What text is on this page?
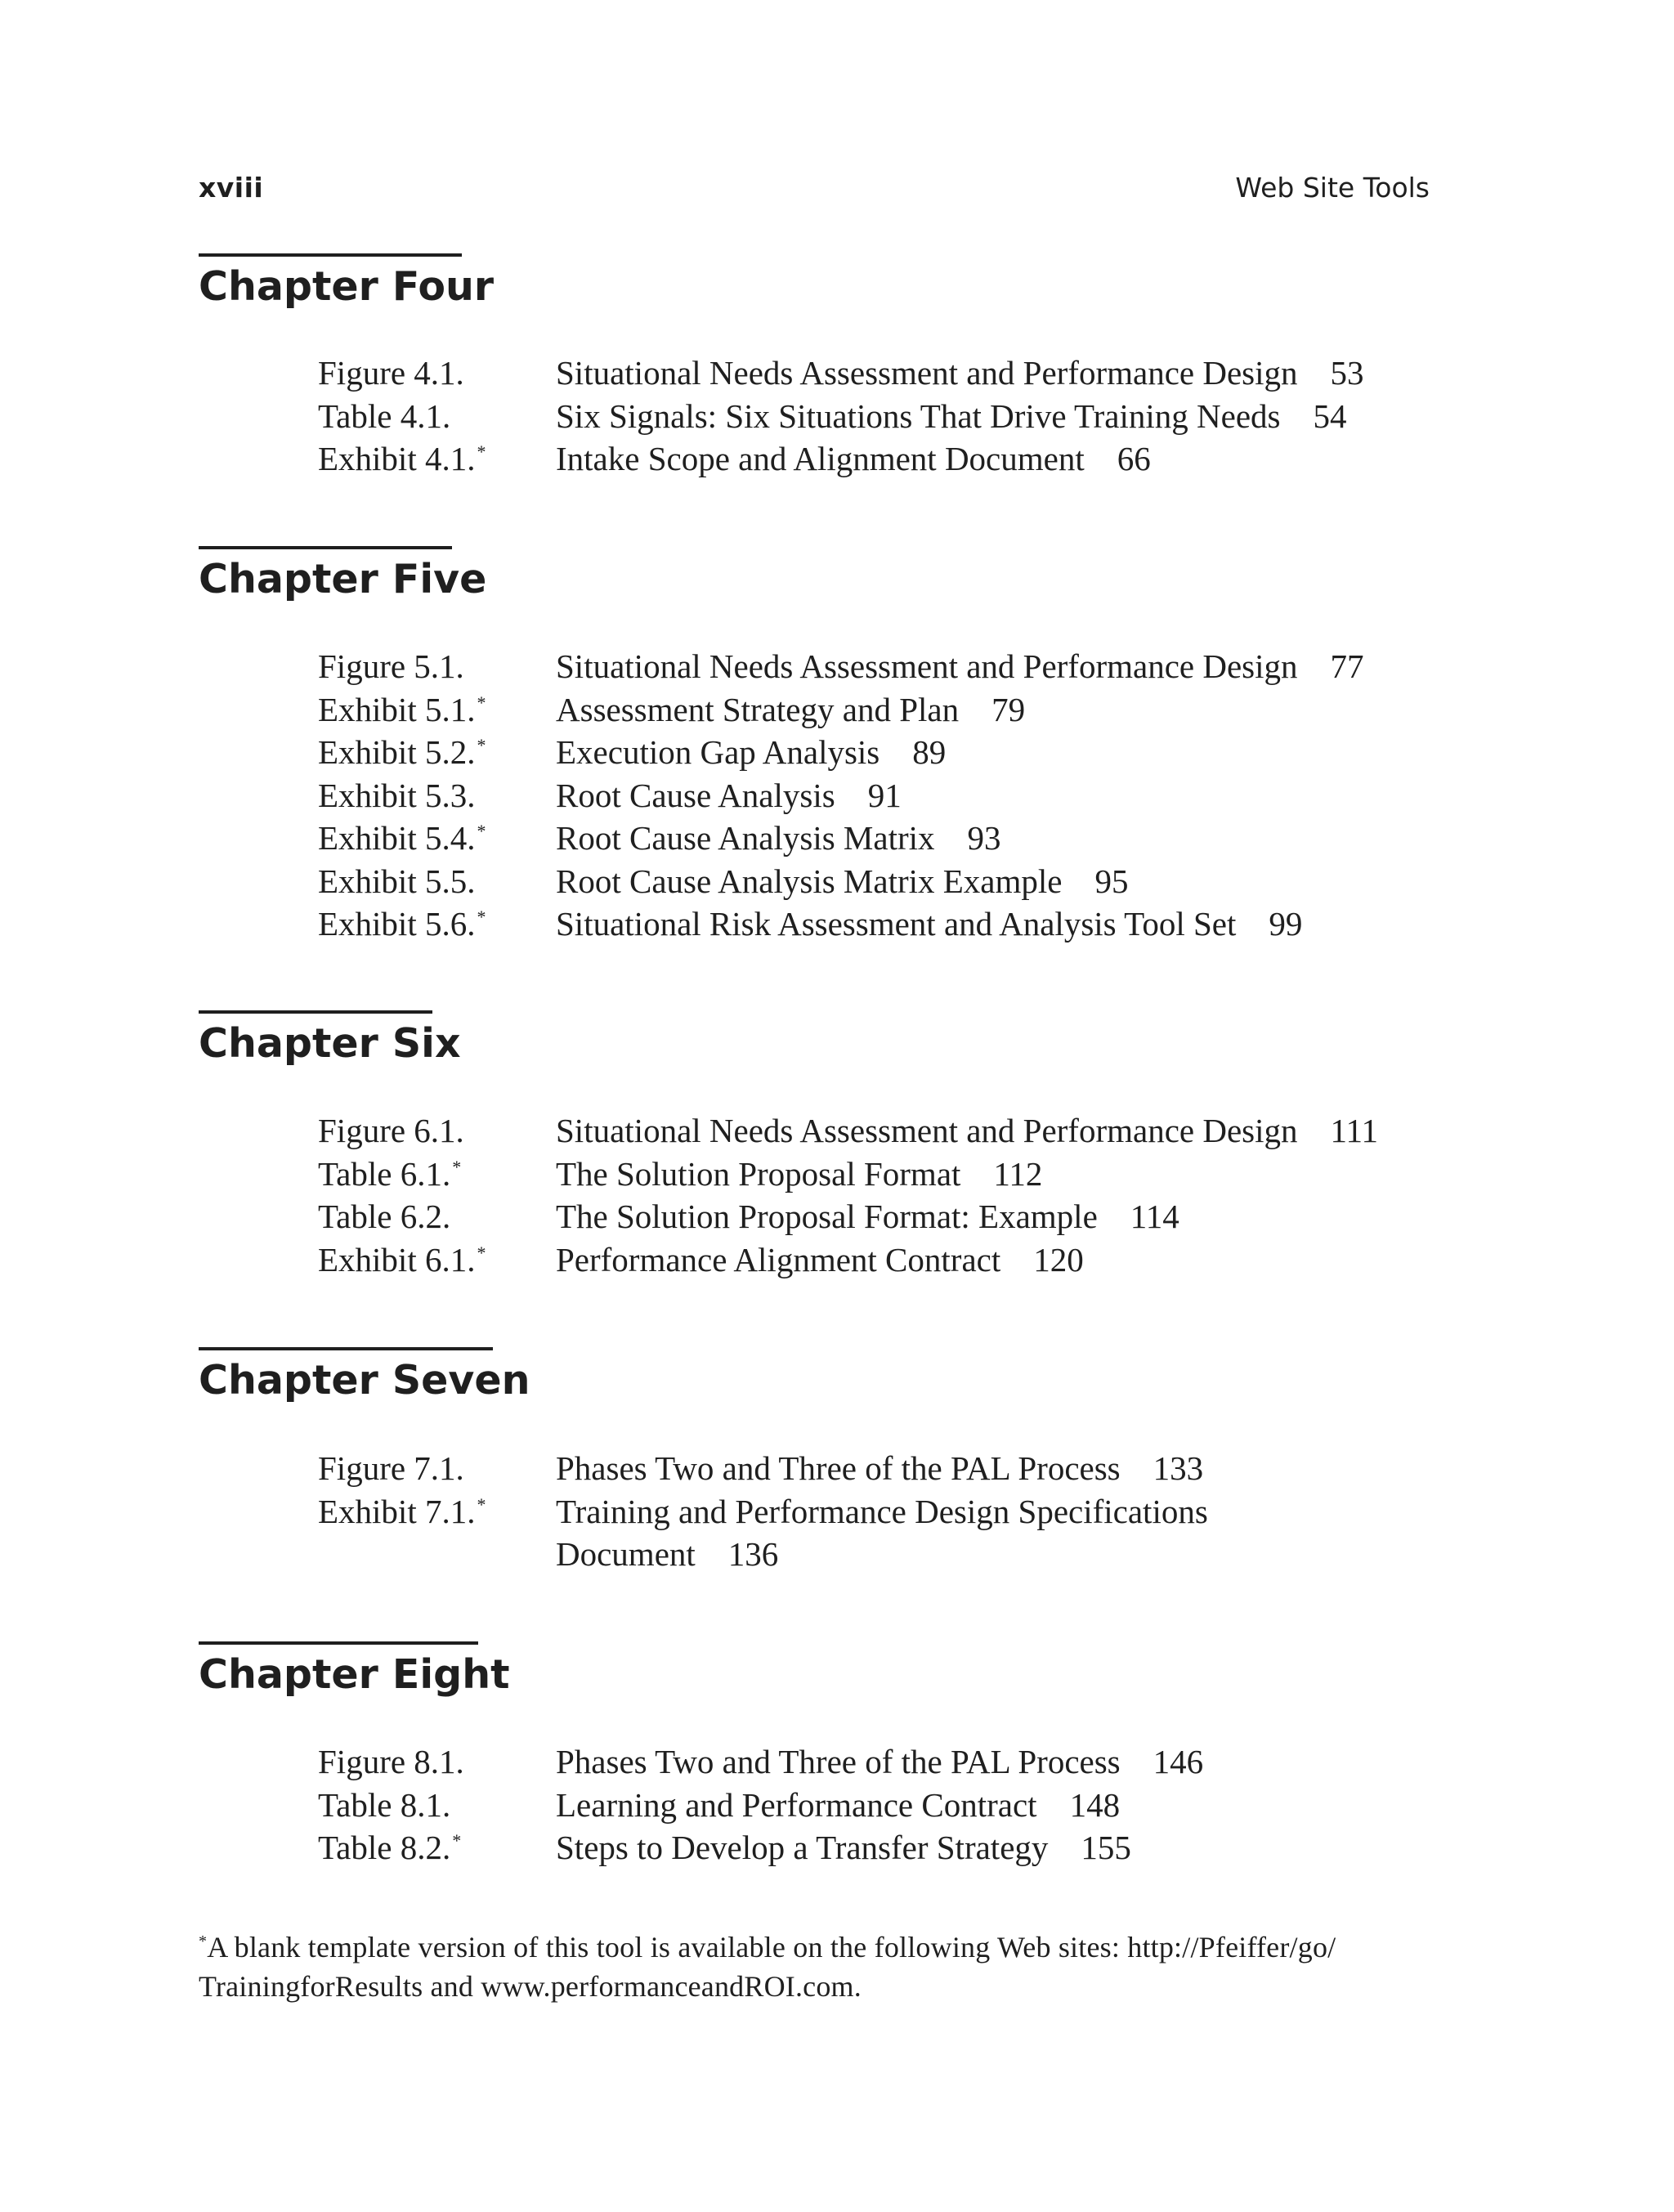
xviii	Web Site Tools
Chapter Four
Figure 4.1.	Situational Needs Assessment and Performance Design 53
Table 4.1.	Six Signals: Six Situations That Drive Training Needs 54
Exhibit 4.1.* Intake Scope and Alignment Document 66
Chapter Five
Figure 5.1.	Situational Needs Assessment and Performance Design 77
Exhibit 5.1.* Assessment Strategy and Plan 79
Exhibit 5.2.* Execution Gap Analysis 89
Exhibit 5.3. Root Cause Analysis 91
Exhibit 5.4.* Root Cause Analysis Matrix 93
Exhibit 5.5. Root Cause Analysis Matrix Example 95
Exhibit 5.6.* Situational Risk Assessment and Analysis Tool Set 99
Chapter Six
Figure 6.1.	Situational Needs Assessment and Performance Design 111
Table 6.1.*	The Solution Proposal Format 112
Table 6.2.	The Solution Proposal Format: Example 114
Exhibit 6.1.* Performance Alignment Contract 120
Chapter Seven
Figure 7.1.	Phases Two and Three of the PAL Process 133
Exhibit 7.1.* Training and Performance Design Specifications
Document 136
Chapter Eight
Figure 8.1.	Phases Two and Three of the PAL Process 146
Table 8.1.	Learning and Performance Contract 148
Table 8.2.*	Steps to Develop a Transfer Strategy 155
*A blank template version of this tool is available on the following Web sites: http://Pfeiffer/go/
TrainingforResults and www.performanceandROI.com.
